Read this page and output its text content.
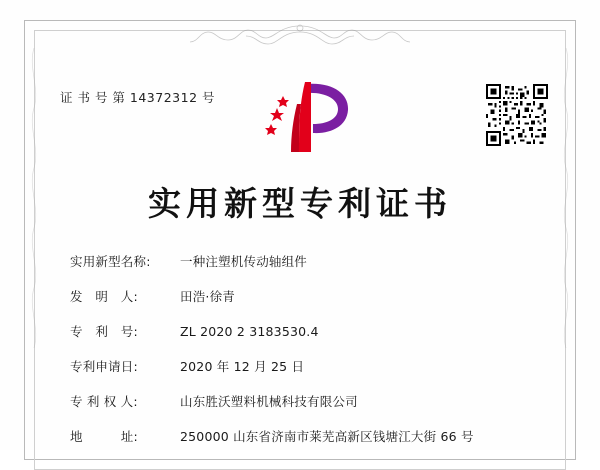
证 书 号 第 14372312 号
实用新型专利证书
实用新型名称:	一种注塑机传动轴组件
发　明　人:	田浩·徐青
专　利　号:	ZL 2020 2 3183530.4
专利申请日:	2020 年 12 月 25 日
专 利 权 人:	山东胜沃塑料机械科技有限公司
地　　　址:	250000 山东省济南市莱芜高新区钱塘江大街 66 号
